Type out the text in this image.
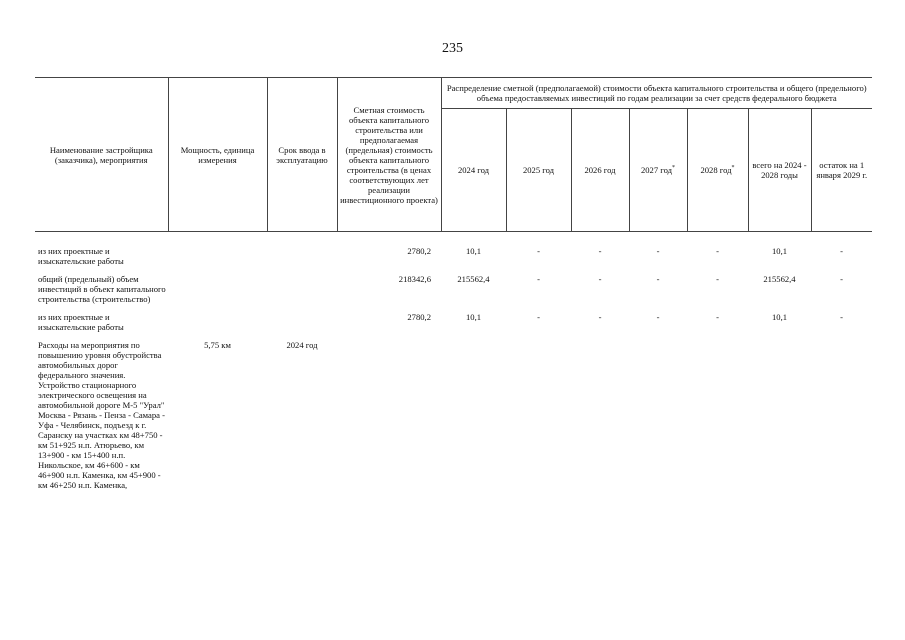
235
Наименование застройщика (заказчика), мероприятия	Мощность, единица измерения	Срок ввода в эксплуатацию	Сметная стоимость объекта капитального строительства или предполагаемая (предельная) стоимость объекта капитального строительства (в ценах соответствующих лет реализации инвестиционного проекта)	Распределение сметной (предполагаемой) стоимости объекта капитального строительства и общего (предельного) объема предоставляемых инвестиций по годам реализации за счет средств федерального бюджета						
				2024 год	2025 год	2026 год	2027 год*	2028 год*	всего на 2024 - 2028 годы	остаток на 1 января 2029 г.
из них проектные и изыскательские работы			2780,2	10,1	-	-	-	-	10,1	-
общий (предельный) объем инвестиций в объект капитального строительства (строительство)			218342,6	215562,4	-	-	-	-	215562,4	-
из них проектные и изыскательские работы			2780,2	10,1	-	-	-	-	10,1	-
Расходы на мероприятия по повышению уровня обустройства автомобильных дорог федерального значения. Устройство стационарного электрического освещения на автомобильной дороге М-5 "Урал" Москва - Рязань - Пенза - Самара - Уфа - Челябинск, подъезд к г. Саранску на участках км 48+750 - км 51+925 н.п. Атюрьево, км 13+900 - км 15+400 н.п. Никольское, км 46+600 - км 46+900 н.п. Каменка, км 45+900 - км 46+250 н.п. Каменка,	5,75 км	2024 год								
